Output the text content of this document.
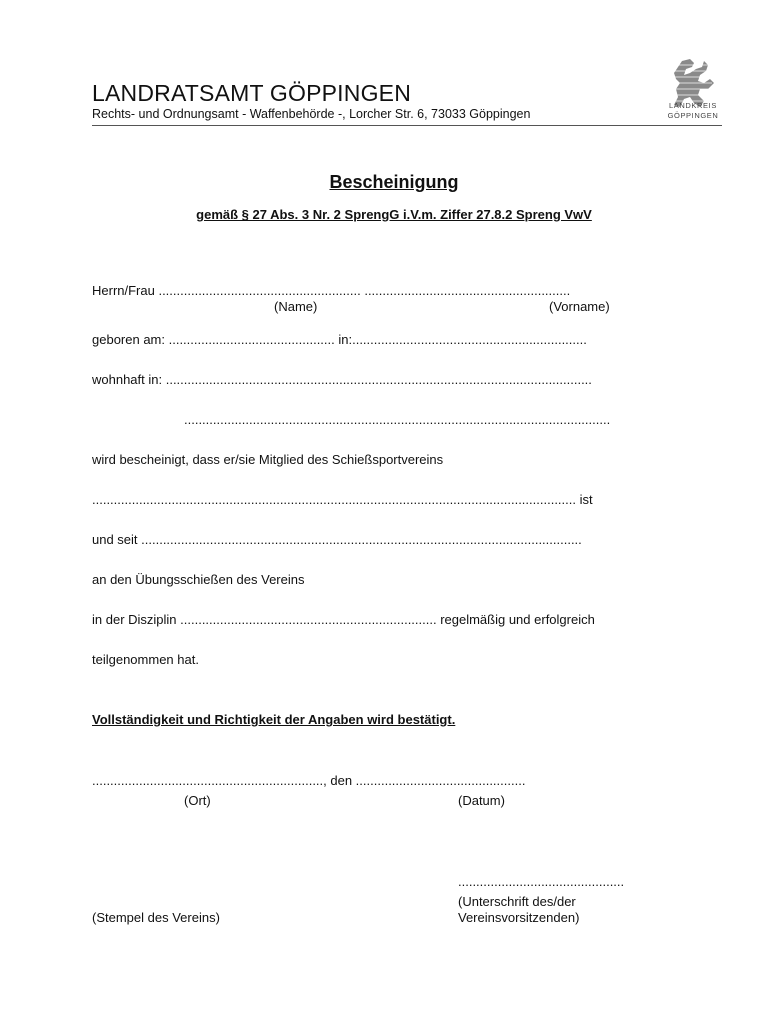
LANDRATSAMT GÖPPINGEN
Rechts- und Ordnungsamt - Waffenbehörde -, Lorcher Str. 6, 73033 Göppingen
LANDKREIS
GÖPPINGEN
Bescheinigung
gemäß § 27 Abs. 3 Nr. 2 SprengG i.V.m. Ziffer 27.8.2 Spreng VwV
Herrn/Frau ........................................................ .........................................................
(Name)	(Vorname)
geboren am: .............................................. in:.................................................................
wohnhaft in: ......................................................................................................................
......................................................................................................................
wird bescheinigt, dass er/sie Mitglied des Schießsportvereins
...................................................................................................................................... ist
und seit ..........................................................................................................................
an den Übungsschießen des Vereins
in der Disziplin ....................................................................... regelmäßig und erfolgreich
teilgenommen hat.
Vollständigkeit und Richtigkeit der Angaben wird bestätigt.
................................................................, den ...............................................
(Ort)	(Datum)
..............................................
(Unterschrift des/der
Vereinsvorsitzenden)
(Stempel des Vereins)
